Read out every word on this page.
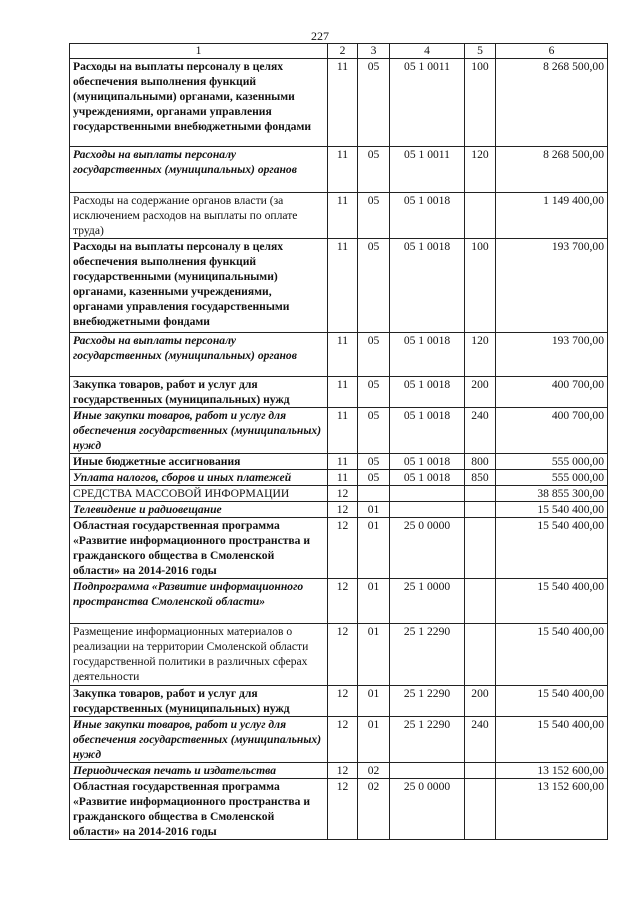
227
1	2	3	4	5	6
Расходы на выплаты персоналу в целях обеспечения выполнения функций (муниципальными) органами, казенными учреждениями, органами управления государственными внебюджетными фондами	11	05	05 1 0011	100	8 268 500,00
Расходы на выплаты персоналу государственных (муниципальных) органов	11	05	05 1 0011	120	8 268 500,00
Расходы на содержание органов власти (за исключением расходов на выплаты по оплате труда)	11	05	05 1 0018		1 149 400,00
Расходы на выплаты персоналу в целях обеспечения выполнения функций государственными (муниципальными) органами, казенными учреждениями, органами управления государственными внебюджетными фондами	11	05	05 1 0018	100	193 700,00
Расходы на выплаты персоналу государственных (муниципальных) органов	11	05	05 1 0018	120	193 700,00
Закупка товаров, работ и услуг для государственных (муниципальных) нужд	11	05	05 1 0018	200	400 700,00
Иные закупки товаров, работ и услуг для обеспечения государственных (муниципальных) нужд	11	05	05 1 0018	240	400 700,00
Иные бюджетные ассигнования	11	05	05 1 0018	800	555 000,00
Уплата налогов, сборов и иных платежей	11	05	05 1 0018	850	555 000,00
СРЕДСТВА МАССОВОЙ ИНФОРМАЦИИ	12				38 855 300,00
Телевидение и радиовещание	12	01			15 540 400,00
Областная государственная программа «Развитие информационного пространства и гражданского общества в Смоленской области» на 2014-2016 годы	12	01	25 0 0000		15 540 400,00
Подпрограмма «Развитие информационного пространства Смоленской области»	12	01	25 1 0000		15 540 400,00
Размещение информационных материалов о реализации на территории Смоленской области государственной политики в различных сферах деятельности	12	01	25 1 2290		15 540 400,00
Закупка товаров, работ и услуг для государственных (муниципальных) нужд	12	01	25 1 2290	200	15 540 400,00
Иные закупки товаров, работ и услуг для обеспечения государственных (муниципальных) нужд	12	01	25 1 2290	240	15 540 400,00
Периодическая печать и издательства	12	02			13 152 600,00
Областная государственная программа «Развитие информационного пространства и гражданского общества в Смоленской области» на 2014-2016 годы	12	02	25 0 0000		13 152 600,00
